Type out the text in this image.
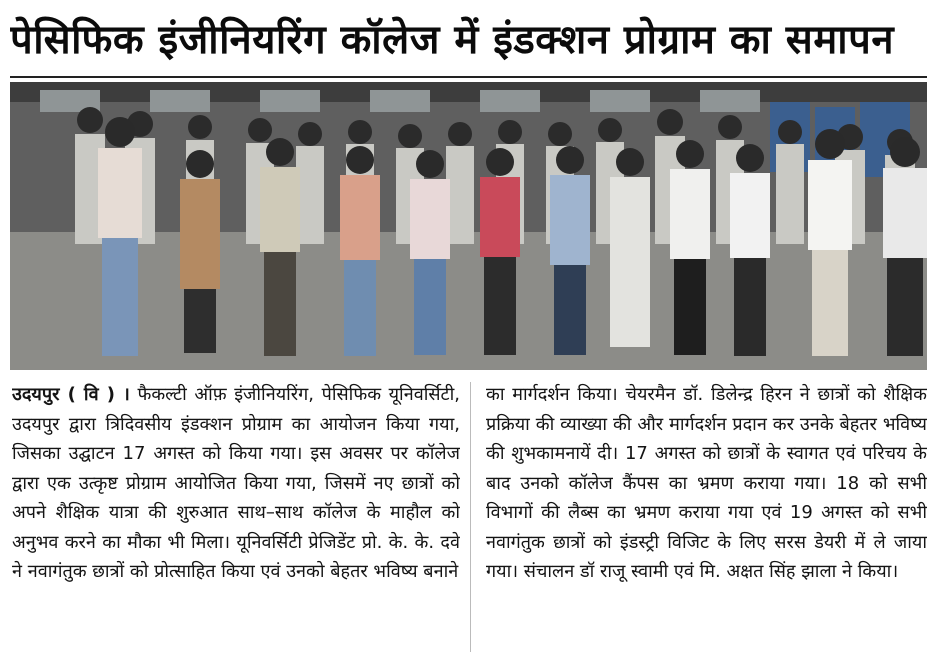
पेसिफिक इंजीनियरिंग कॉलेज में इंडक्शन प्रोग्राम का समापन
उदयपुर ( वि ) । फैकल्टी ऑफ़ इंजीनियरिंग, पेसिफिक यूनिवर्सिटी, उदयपुर द्वारा त्रिदिवसीय इंडक्शन प्रोग्राम का आयोजन किया गया, जिसका उद्घाटन 17 अगस्त को किया गया। इस अवसर पर कॉलेज द्वारा एक उत्कृष्ट प्रोग्राम आयोजित किया गया, जिसमें नए छात्रों को अपने शैक्षिक यात्रा की शुरुआत साथ–साथ कॉलेज के माहौल को अनुभव करने का मौका भी मिला। यूनिवर्सिटी प्रेजिडेंट प्रो. के. के. दवे ने नवागंतुक छात्रों को प्रोत्साहित किया एवं उनको बेहतर भविष्य बनाने
का मार्गदर्शन किया। चेयरमैन डॉ. डिलेन्द्र हिरन ने छात्रों को शैक्षिक प्रक्रिया की व्याख्या की और मार्गदर्शन प्रदान कर उनके बेहतर भविष्य की शुभकामनायें दी। 17 अगस्त को छात्रों के स्वागत एवं परिचय के बाद उनको कॉलेज कैंपस का भ्रमण कराया गया। 18 को सभी विभागों की लैब्स का भ्रमण कराया गया एवं 19 अगस्त को सभी नवागंतुक छात्रों को इंडस्ट्री विजिट के लिए सरस डेयरी में ले जाया गया। संचालन डॉ राजू स्वामी एवं मि. अक्षत सिंह झाला ने किया।
